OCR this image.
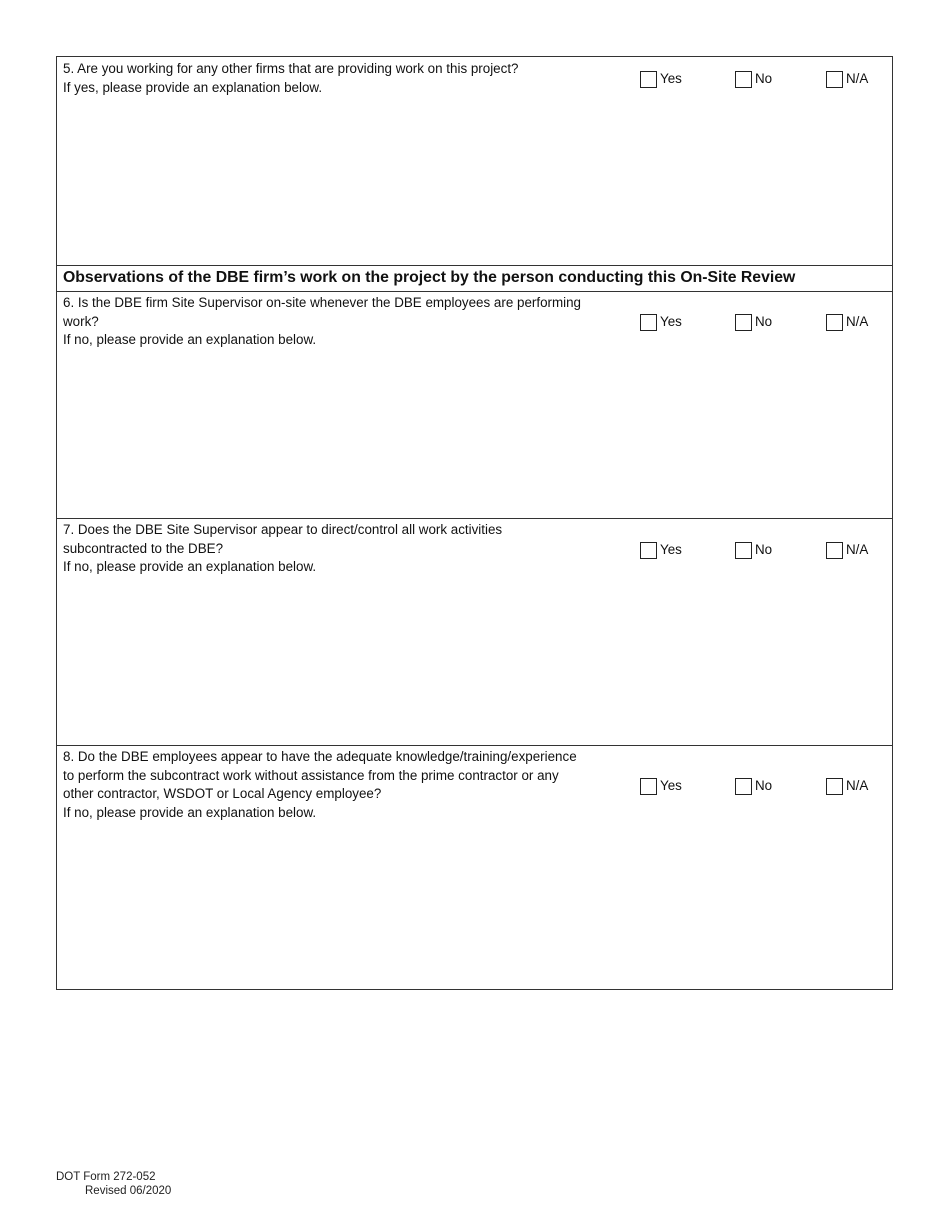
5. Are you working for any other firms that are providing work on this project?
If yes, please provide an explanation below.
Yes	No	N/A
Observations of the DBE firm’s work on the project by the person conducting this On-Site Review
6. Is the DBE firm Site Supervisor on-site whenever the DBE employees are performing
work?
If no, please provide an explanation below.
Yes	No	N/A
7. Does the DBE Site Supervisor appear to direct/control all work activities
subcontracted to the DBE?
If no, please provide an explanation below.
Yes	No	N/A
8. Do the DBE employees appear to have the adequate knowledge/training/experience
to perform the subcontract work without assistance from the prime contractor or any
other contractor, WSDOT or Local Agency employee?
If no, please provide an explanation below.
Yes	No	N/A
DOT Form 272-052
Revised 06/2020
